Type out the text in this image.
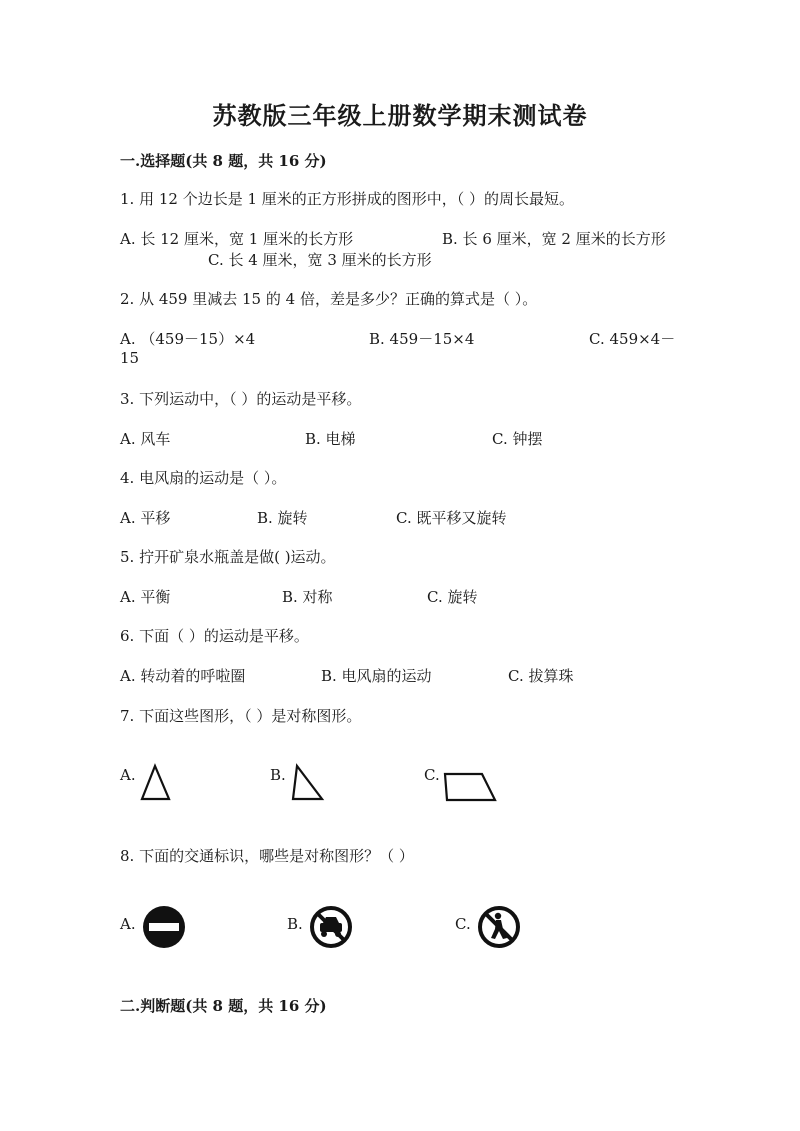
苏教版三年级上册数学期末测试卷
一.选择题(共 8 题，共 16 分)
1. 用 12 个边长是 1 厘米的正方形拼成的图形中，（ ）的周长最短。
A. 长 12 厘米，宽 1 厘米的长方形	B. 长 6 厘米，宽 2 厘米的长方形
C. 长 4 厘米，宽 3 厘米的长方形
2. 从 459 里减去 15 的 4 倍，差是多少？正确的算式是（ ）。
A. （459－15）×4	B. 459－15×4	C. 459×4－
15
3. 下列运动中，（ ）的运动是平移。
A. 风车	B. 电梯	C. 钟摆
4. 电风扇的运动是（ ）。
A. 平移	B. 旋转	C. 既平移又旋转
5. 拧开矿泉水瓶盖是做( )运动。
A. 平衡	B. 对称	C. 旋转
6. 下面（ ）的运动是平移。
A. 转动着的呼啦圈	B. 电风扇的运动	C. 拔算珠
7. 下面这些图形，（ ）是对称图形。
A.	B.	C.
8. 下面的交通标识，哪些是对称图形？（ ）
A.	B.	C.
二.判断题(共 8 题，共 16 分)
